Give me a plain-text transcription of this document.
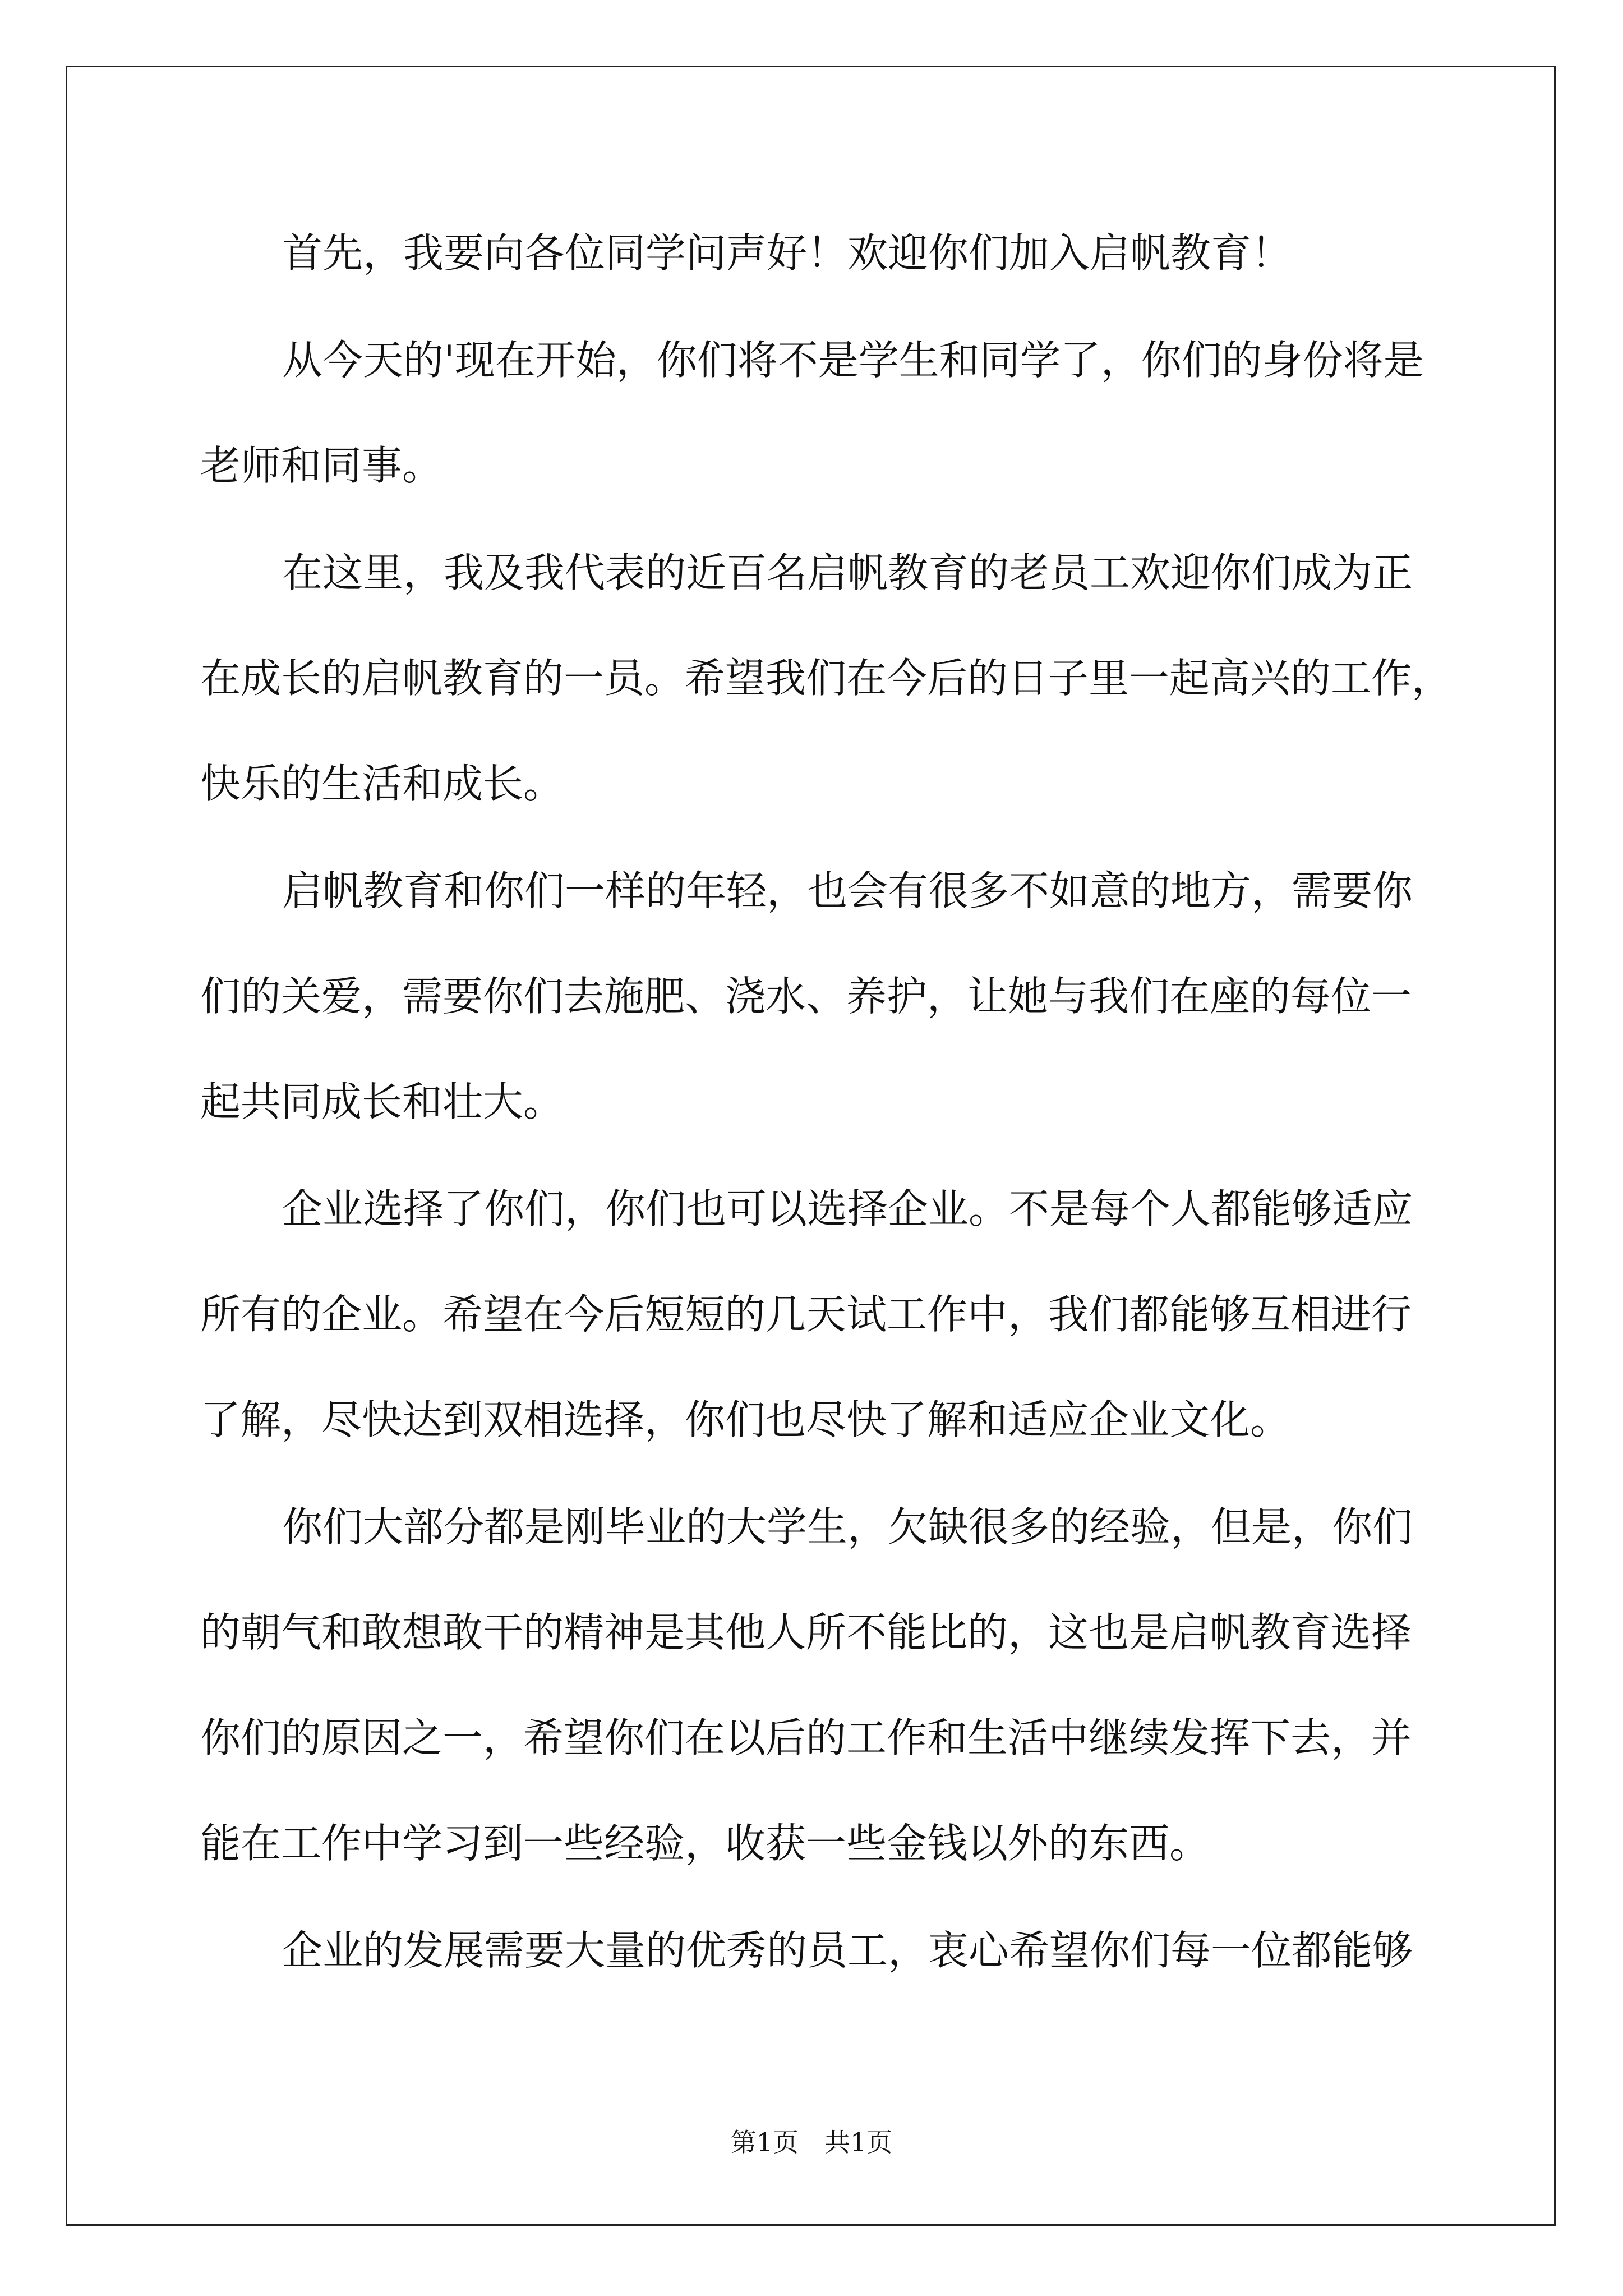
首先，我要向各位同学问声好！欢迎你们加入启帆教育！
从今天的'现在开始，你们将不是学生和同学了，你们的身份将是
老师和同事。
在这里，我及我代表的近百名启帆教育的老员工欢迎你们成为正
在成长的启帆教育的一员。希望我们在今后的日子里一起高兴的工作，
快乐的生活和成长。
启帆教育和你们一样的年轻，也会有很多不如意的地方，需要你
们的关爱，需要你们去施肥、浇水、养护，让她与我们在座的每位一
起共同成长和壮大。
企业选择了你们，你们也可以选择企业。不是每个人都能够适应
所有的企业。希望在今后短短的几天试工作中，我们都能够互相进行
了解，尽快达到双相选择，你们也尽快了解和适应企业文化。
你们大部分都是刚毕业的大学生，欠缺很多的经验，但是，你们
的朝气和敢想敢干的精神是其他人所不能比的，这也是启帆教育选择
你们的原因之一，希望你们在以后的工作和生活中继续发挥下去，并
能在工作中学习到一些经验，收获一些金钱以外的东西。
企业的发展需要大量的优秀的员工，衷心希望你们每一位都能够
第1页　共1页
